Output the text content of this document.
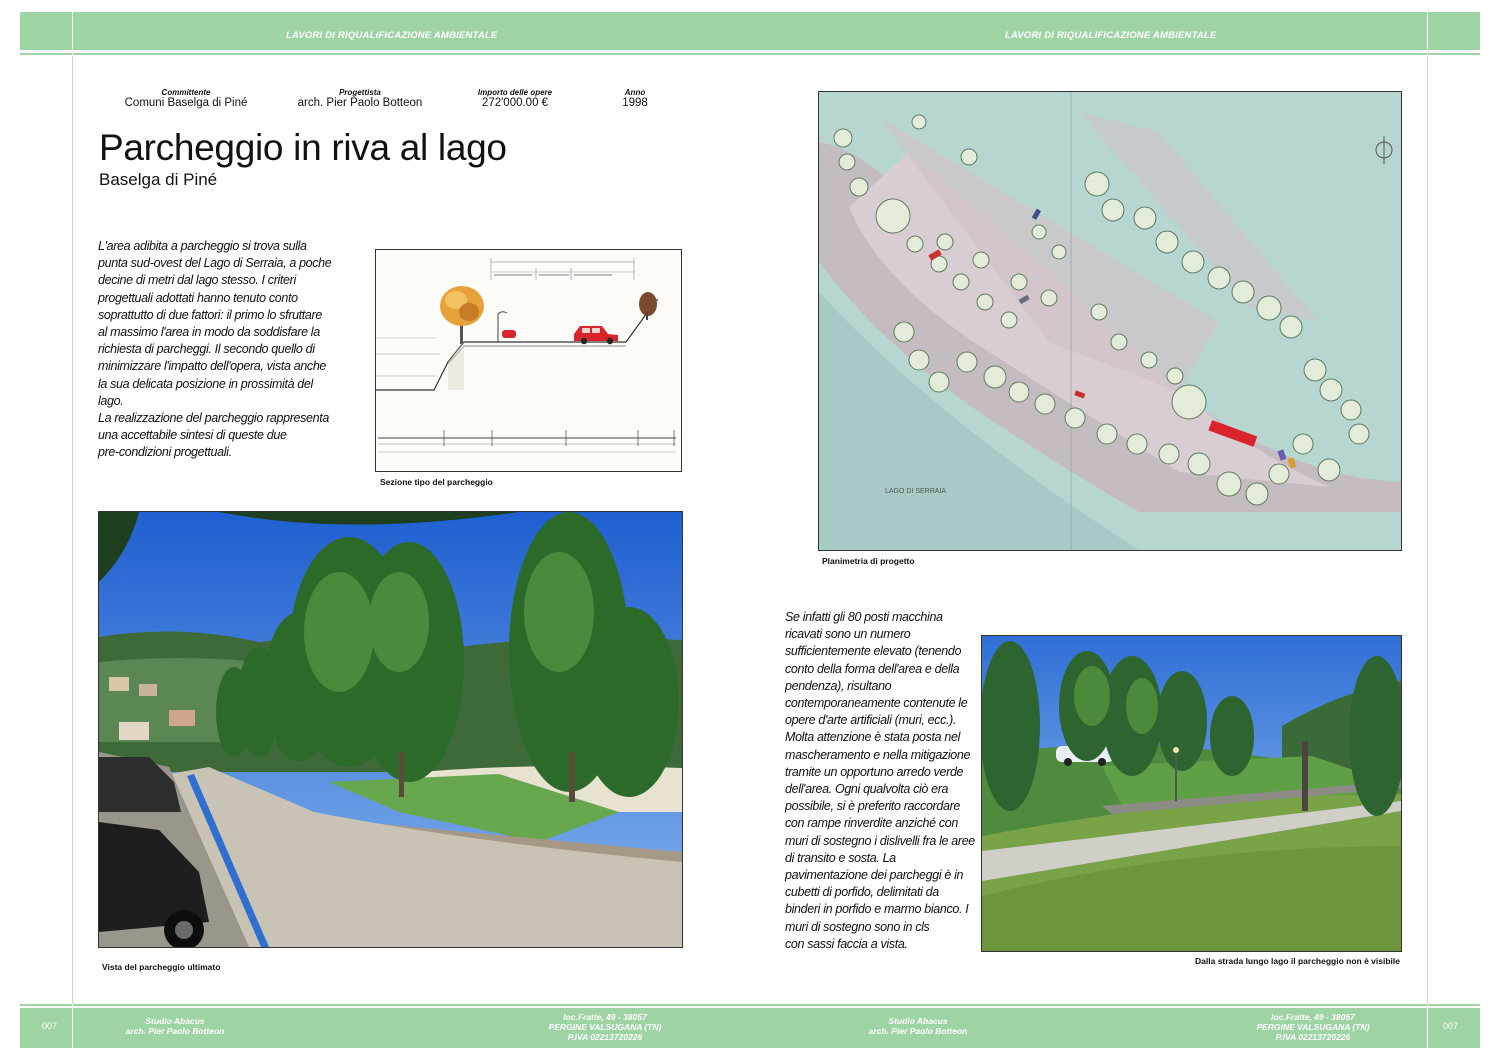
LAVORI DI RIQUALIFICAZIONE AMBIENTALE	LAVORI DI RIQUALIFICAZIONE AMBIENTALE
Committente
Comuni Baselga di Piné
Progettista
arch. Pier Paolo Botteon
Importo delle opere
272'000.00 €
Anno
1998
Parcheggio in riva al lago
Baselga di Piné
L'area adibita a parcheggio si trova sulla
punta sud-ovest del Lago di Serraia, a poche
decine di metri dal lago stesso. I criteri
progettuali adottati hanno tenuto conto
soprattutto di due fattori: il primo lo sfruttare
al massimo l'area in modo da soddisfare la
richiesta di parcheggi. Il secondo quello di
minimizzare l'impatto dell'opera, vista anche
la sua delicata posizione in prossimità del
lago.
La realizzazione del parcheggio rappresenta
una accettabile sintesi di queste due
pre-condizioni progettuali.
Sezione tipo del parcheggio
Vista del parcheggio ultimato
LAGO DI SERRAIA
Planimetria di progetto
Se infatti gli 80 posti macchina
ricavati sono un numero
sufficientemente elevato (tenendo
conto della forma dell'area e della
pendenza), risultano
contemporaneamente contenute le
opere d'arte artificiali (muri, ecc.).
Molta attenzione è stata posta nel
mascheramento e nella mitigazione
tramite un opportuno arredo verde
dell'area. Ogni qualvolta ciò era
possibile, si è preferito raccordare
con rampe rinverdite anziché con
muri di sostegno i dislivelli fra le aree
di transito e sosta. La
pavimentazione dei parcheggi è in
cubetti di porfido, delimitati da
binderi in porfido e marmo bianco. I
muri di sostegno sono in cls
con sassi faccia a vista.
Dalla strada lungo lago il parcheggio non è visibile
007	007
Studio Abacus
arch. Pier Paolo Botteon
loc.Fratte, 49 - 38057
PERGINE VALSUGANA (TN)
P.IVA 02213720226
Studio Abacus
arch. Pier Paolo Botteon
loc.Fratte, 49 - 38057
PERGINE VALSUGANA (TN)
P.IVA 02213720226
